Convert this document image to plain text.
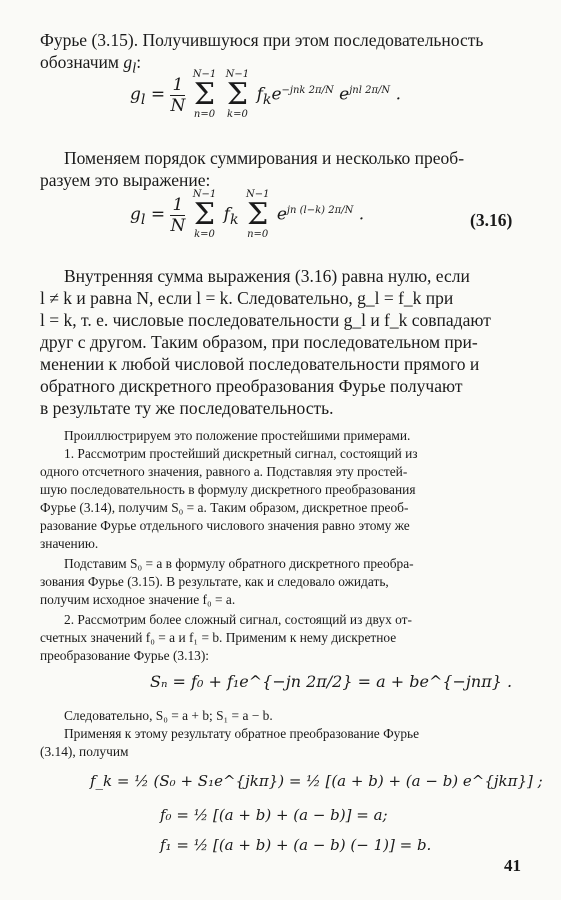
Фурье (3.15). Получившуюся при этом последовательность
обозначим $g_l$:
$g_l = \frac{1}{N}$
N−1
Σ
n=0

N−1
Σ
k=0
$f_ke^{-jnk 2\pi/N}$ $e^{jnl 2\pi/N}$ .
Поменяем порядок суммирования и несколько преоб-
разуем это выражение:
$g_l = \frac{1}{N}$
N−1
Σ
k=0
$f_k$
N−1
Σ
n=0
$e^{jn (l-k) 2\pi/N}$ .	(3.16)
Внутренняя сумма выражения (3.16) равна нулю, если
l ≠ k и равна N, если l = k. Следовательно, g_l = f_k при
l = k, т. е. числовые последовательности g_l и f_k совпадают
друг с другом. Таким образом, при последовательном при-
менении к любой числовой последовательности прямого и
обратного дискретного преобразования Фурье получают
в результате ту же последовательность.
Проиллюстрируем это положение простейшими примерами.
1. Рассмотрим простейший дискретный сигнал, состоящий из
одного отсчетного значения, равного a. Подставляя эту простей-
шую последовательность в формулу дискретного преобразования
Фурье (3.14), получим S₀ = a. Таким образом, дискретное преоб-
разование Фурье отдельного числового значения равно этому же
значению.
Подставим S₀ = a в формулу обратного дискретного преобра-
зования Фурье (3.15). В результате, как и следовало ожидать,
получим исходное значение f₀ = a.
2. Рассмотрим более сложный сигнал, состоящий из двух от-
счетных значений f₀ = a и f₁ = b. Применим к нему дискретное
преобразование Фурье (3.13):
Sₙ = f₀ + f₁e^{−jn 2π/2} = a + be^{−jnπ} .
Следовательно, S₀ = a + b; S₁ = a − b.
Применяя к этому результату обратное преобразование Фурье
(3.14), получим
f_k = ½ (S₀ + S₁e^{jkπ}) = ½ [(a + b) + (a − b) e^{jkπ}] ;
f₀ = ½ [(a + b) + (a − b)] = a;
f₁ = ½ [(a + b) + (a − b) (− 1)] = b.
41
